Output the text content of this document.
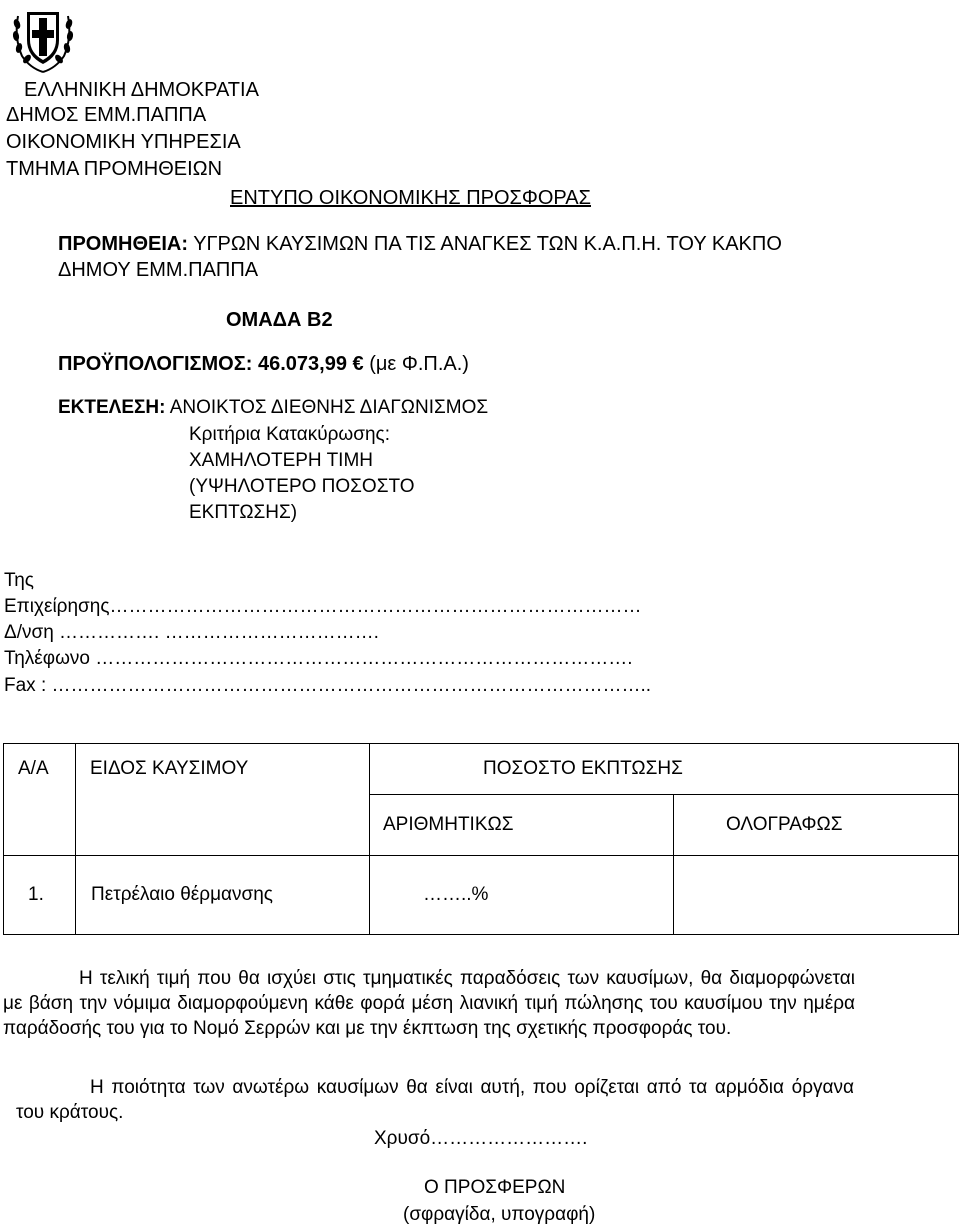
ΕΛΛΗΝΙΚΗ ΔΗΜΟΚΡΑΤΙΑ
ΔΗΜΟΣ ΕΜΜ.ΠΑΠΠΑ
ΟΙΚΟΝΟΜΙΚΗ ΥΠΗΡΕΣΙΑ
ΤΜΗΜΑ ΠΡΟΜΗΘΕΙΩΝ
ΕΝΤΥΠΟ ΟΙΚΟΝΟΜΙΚΗΣ ΠΡΟΣΦΟΡΑΣ
ΠΡΟΜΗΘΕΙΑ: ΥΓΡΩΝ ΚΑΥΣΙΜΩΝ ΠΑ ΤΙΣ ΑΝΑΓΚΕΣ ΤΩΝ Κ.Α.Π.Η. ΤΟΥ ΚΑΚΠΟ
ΔΗΜΟΥ ΕΜΜ.ΠΑΠΠΑ
ΟΜΑΔΑ Β2
ΠΡΟΫΠΟΛΟΓΙΣΜΟΣ: 46.073,99 € (με Φ.Π.Α.)
ΕΚΤΕΛΕΣΗ: ΑΝΟΙΚΤΟΣ ΔΙΕΘΝΗΣ ΔΙΑΓΩΝΙΣΜΟΣ
Κριτήρια Κατακύρωσης:
ΧΑΜΗΛΟΤΕΡΗ ΤΙΜΗ
(ΥΨΗΛΟΤΕΡΟ ΠΟΣΟΣΤΟ
ΕΚΠΤΩΣΗΣ)
Της
Επιχείρησης…………………………………………………………………………
Δ/νση ……………. …………………………….
Τηλέφωνο ………………………………………………………………………….
Fax : …………………………………………………………………………………..
Α/Α	ΕΙΔΟΣ ΚΑΥΣΙΜΟΥ	ΠΟΣΟΣΤΟ ΕΚΠΤΩΣΗΣ	
		ΑΡΙΘΜΗΤΙΚΩΣ	ΟΛΟΓΡΑΦΩΣ
1.	Πετρέλαιο θέρμανσης	……..%	
Η τελική τιμή που θα ισχύει στις τμηματικές παραδόσεις των καυσίμων, θα διαμορφώνεται με βάση την νόμιμα διαμορφούμενη κάθε φορά μέση λιανική τιμή πώλησης του καυσίμου την ημέρα παράδοσής του για το Νομό Σερρών και με την έκπτωση της σχετικής προσφοράς του.
Η ποιότητα των ανωτέρω καυσίμων θα είναι αυτή, που ορίζεται από τα αρμόδια όργανα του κράτους.
Χρυσό…………………….
Ο ΠΡΟΣΦΕΡΩΝ
(σφραγίδα, υπογραφή)
